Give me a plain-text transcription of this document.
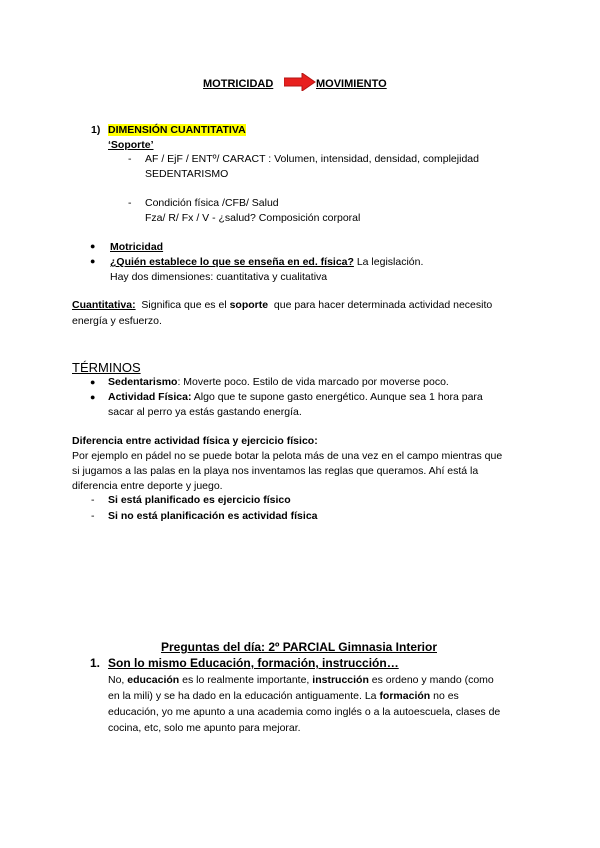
MOTRICIDAD	MOVIMIENTO
1) DIMENSIÓN CUANTITATIVA
‘Soporte’
- AF / EjF / ENTº/ CARACT : Volumen, intensidad, densidad, complejidad
SEDENTARISMO
- Condición física /CFB/ Salud
Fza/ R/ Fx / V - ¿salud? Composición corporal
● Motricidad
● ¿Quién establece lo que se enseña en ed. física? La legislación.
Hay dos dimensiones: cuantitativa y cualitativa
Cuantitativa:  Significa que es el soporte  que para hacer determinada actividad necesito
energía y esfuerzo.
TÉRMINOS
● Sedentarismo: Moverte poco. Estilo de vida marcado por moverse poco.
● Actividad Física: Algo que te supone gasto energético. Aunque sea 1 hora para
sacar al perro ya estás gastando energía.
Diferencia entre actividad física y ejercicio físico:
Por ejemplo en pádel no se puede botar la pelota más de una vez en el campo mientras que
si jugamos a las palas en la playa nos inventamos las reglas que queramos. Ahí está la
diferencia entre deporte y juego.
- Si está planificado es ejercicio físico
- Si no está planificación es actividad física
Preguntas del día: 2º PARCIAL Gimnasia Interior
1. Son lo mismo Educación, formación, instrucción…
No, educación es lo realmente importante, instrucción es ordeno y mando (como
en la mili) y se ha dado en la educación antiguamente. La formación no es
educación, yo me apunto a una academia como inglés o a la autoescuela, clases de
cocina, etc, solo me apunto para mejorar.
